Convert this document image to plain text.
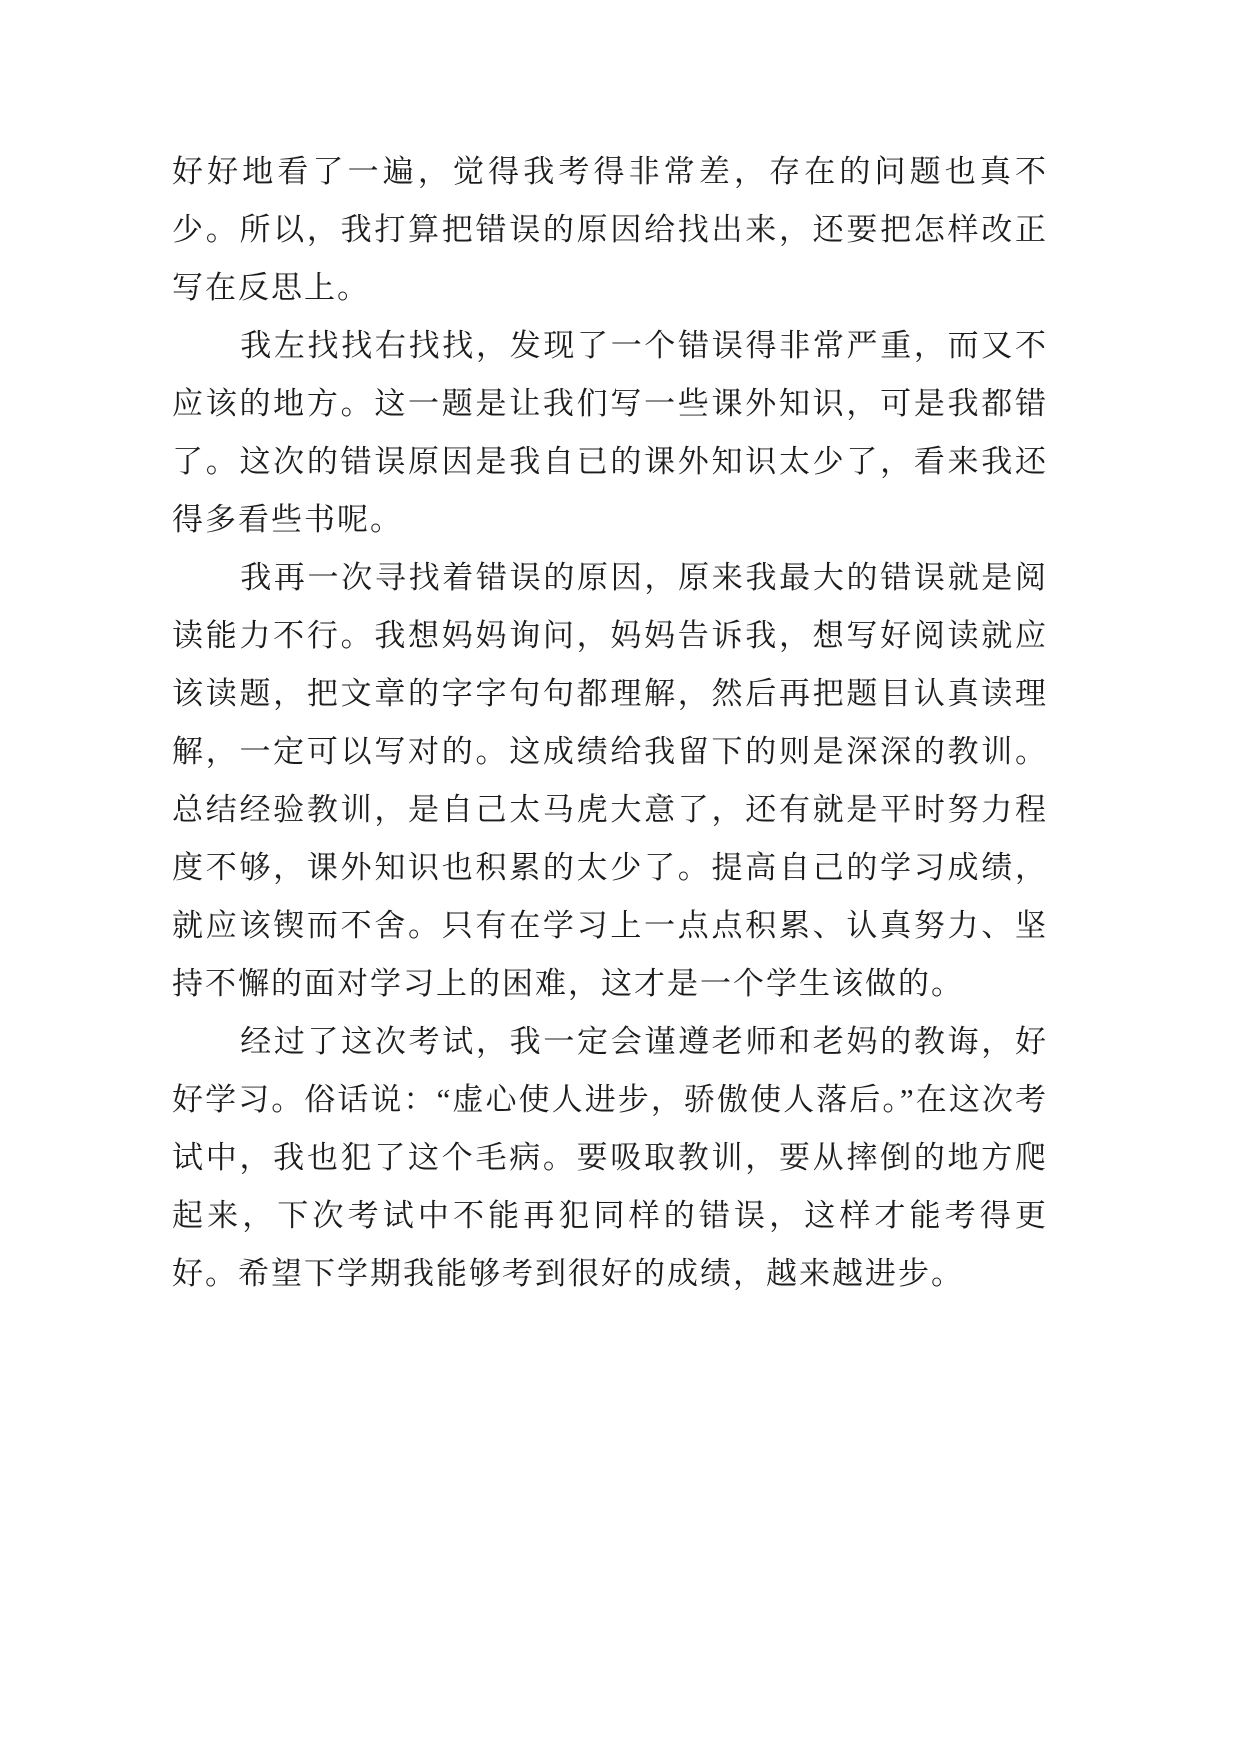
好好地看了一遍，觉得我考得非常差，存在的问题也真不少。所以，我打算把错误的原因给找出来，还要把怎样改正写在反思上。

我左找找右找找，发现了一个错误得非常严重，而又不应该的地方。这一题是让我们写一些课外知识，可是我都错了。这次的错误原因是我自已的课外知识太少了，看来我还得多看些书呢。

我再一次寻找着错误的原因，原来我最大的错误就是阅读能力不行。我想妈妈询问，妈妈告诉我，想写好阅读就应该读题，把文章的字字句句都理解，然后再把题目认真读理解，一定可以写对的。这成绩给我留下的则是深深的教训。总结经验教训，是自己太马虎大意了，还有就是平时努力程度不够，课外知识也积累的太少了。提高自己的学习成绩，就应该锲而不舍。只有在学习上一点点积累、认真努力、坚持不懈的面对学习上的困难，这才是一个学生该做的。

经过了这次考试，我一定会谨遵老师和老妈的教诲，好好学习。俗话说：“虚心使人进步，骄傲使人落后。”在这次考试中，我也犯了这个毛病。要吸取教训，要从摔倒的地方爬起来，下次考试中不能再犯同样的错误，这样才能考得更好。希望下学期我能够考到很好的成绩，越来越进步。
